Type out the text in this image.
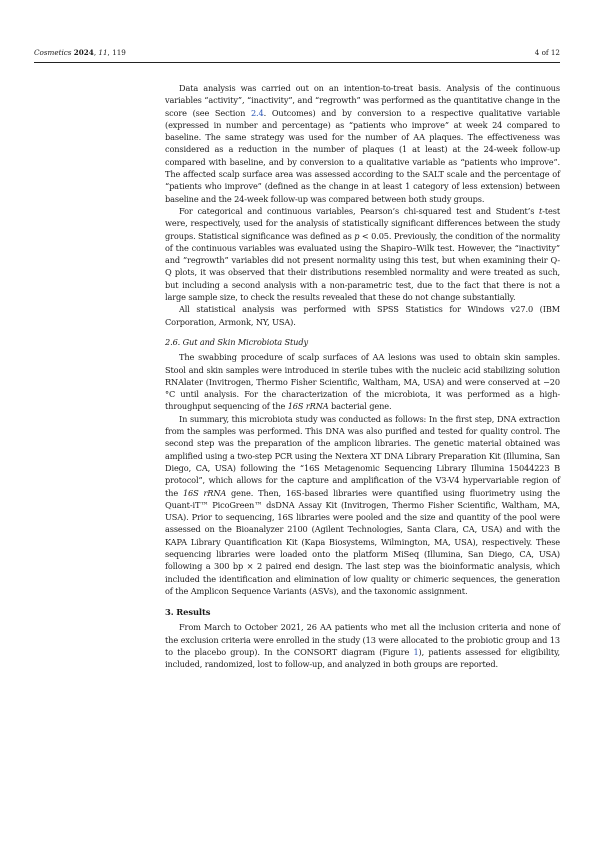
Cosmetics 2024, 11, 119	4 of 12

Data analysis was carried out on an intention-to-treat basis. Analysis of the continuous variables “activity”, “inactivity”, and “regrowth” was performed as the quantitative change in the score (see Section 2.4. Outcomes) and by conversion to a respective qualitative variable (expressed in number and percentage) as “patients who improve” at week 24 compared to baseline. The same strategy was used for the number of AA plaques. The effectiveness was considered as a reduction in the number of plaques (1 at least) at the 24-week follow-up compared with baseline, and by conversion to a qualitative variable as “patients who improve”. The affected scalp surface area was assessed according to the SALT scale and the percentage of “patients who improve” (defined as the change in at least 1 category of less extension) between baseline and the 24-week follow-up was compared between both study groups.

For categorical and continuous variables, Pearson’s chi-squared test and Student’s t-test were, respectively, used for the analysis of statistically significant differences between the study groups. Statistical significance was defined as p < 0.05. Previously, the condition of the normality of the continuous variables was evaluated using the Shapiro–Wilk test. However, the “inactivity” and ”regrowth” variables did not present normality using this test, but when examining their Q-Q plots, it was observed that their distributions resembled normality and were treated as such, but including a second analysis with a non-parametric test, due to the fact that there is not a large sample size, to check the results revealed that these do not change substantially.

All statistical analysis was performed with SPSS Statistics for Windows v27.0 (IBM Corporation, Armonk, NY, USA).

2.6. Gut and Skin Microbiota Study

The swabbing procedure of scalp surfaces of AA lesions was used to obtain skin samples. Stool and skin samples were introduced in sterile tubes with the nucleic acid stabilizing solution RNAlater (Invitrogen, Thermo Fisher Scientific, Waltham, MA, USA) and were conserved at −20 °C until analysis. For the characterization of the microbiota, it was performed as a high-throughput sequencing of the 16S rRNA bacterial gene.

In summary, this microbiota study was conducted as follows: In the first step, DNA extraction from the samples was performed. This DNA was also purified and tested for quality control. The second step was the preparation of the amplicon libraries. The genetic material obtained was amplified using a two-step PCR using the Nextera XT DNA Library Preparation Kit (Illumina, San Diego, CA, USA) following the “16S Metagenomic Sequencing Library Illumina 15044223 B protocol”, which allows for the capture and amplification of the V3-V4 hypervariable region of the 16S rRNA gene. Then, 16S-based libraries were quantified using fluorimetry using the Quant-iT™ PicoGreen™ dsDNA Assay Kit (Invitrogen, Thermo Fisher Scientific, Waltham, MA, USA). Prior to sequencing, 16S libraries were pooled and the size and quantity of the pool were assessed on the Bioanalyzer 2100 (Agilent Technologies, Santa Clara, CA, USA) and with the KAPA Library Quantification Kit (Kapa Biosystems, Wilmington, MA, USA), respectively. These sequencing libraries were loaded onto the platform MiSeq (Illumina, San Diego, CA, USA) following a 300 bp × 2 paired end design. The last step was the bioinformatic analysis, which included the identification and elimination of low quality or chimeric sequences, the generation of the Amplicon Sequence Variants (ASVs), and the taxonomic assignment.

3. Results

From March to October 2021, 26 AA patients who met all the inclusion criteria and none of the exclusion criteria were enrolled in the study (13 were allocated to the probiotic group and 13 to the placebo group). In the CONSORT diagram (Figure 1), patients assessed for eligibility, included, randomized, lost to follow-up, and analyzed in both groups are reported.
